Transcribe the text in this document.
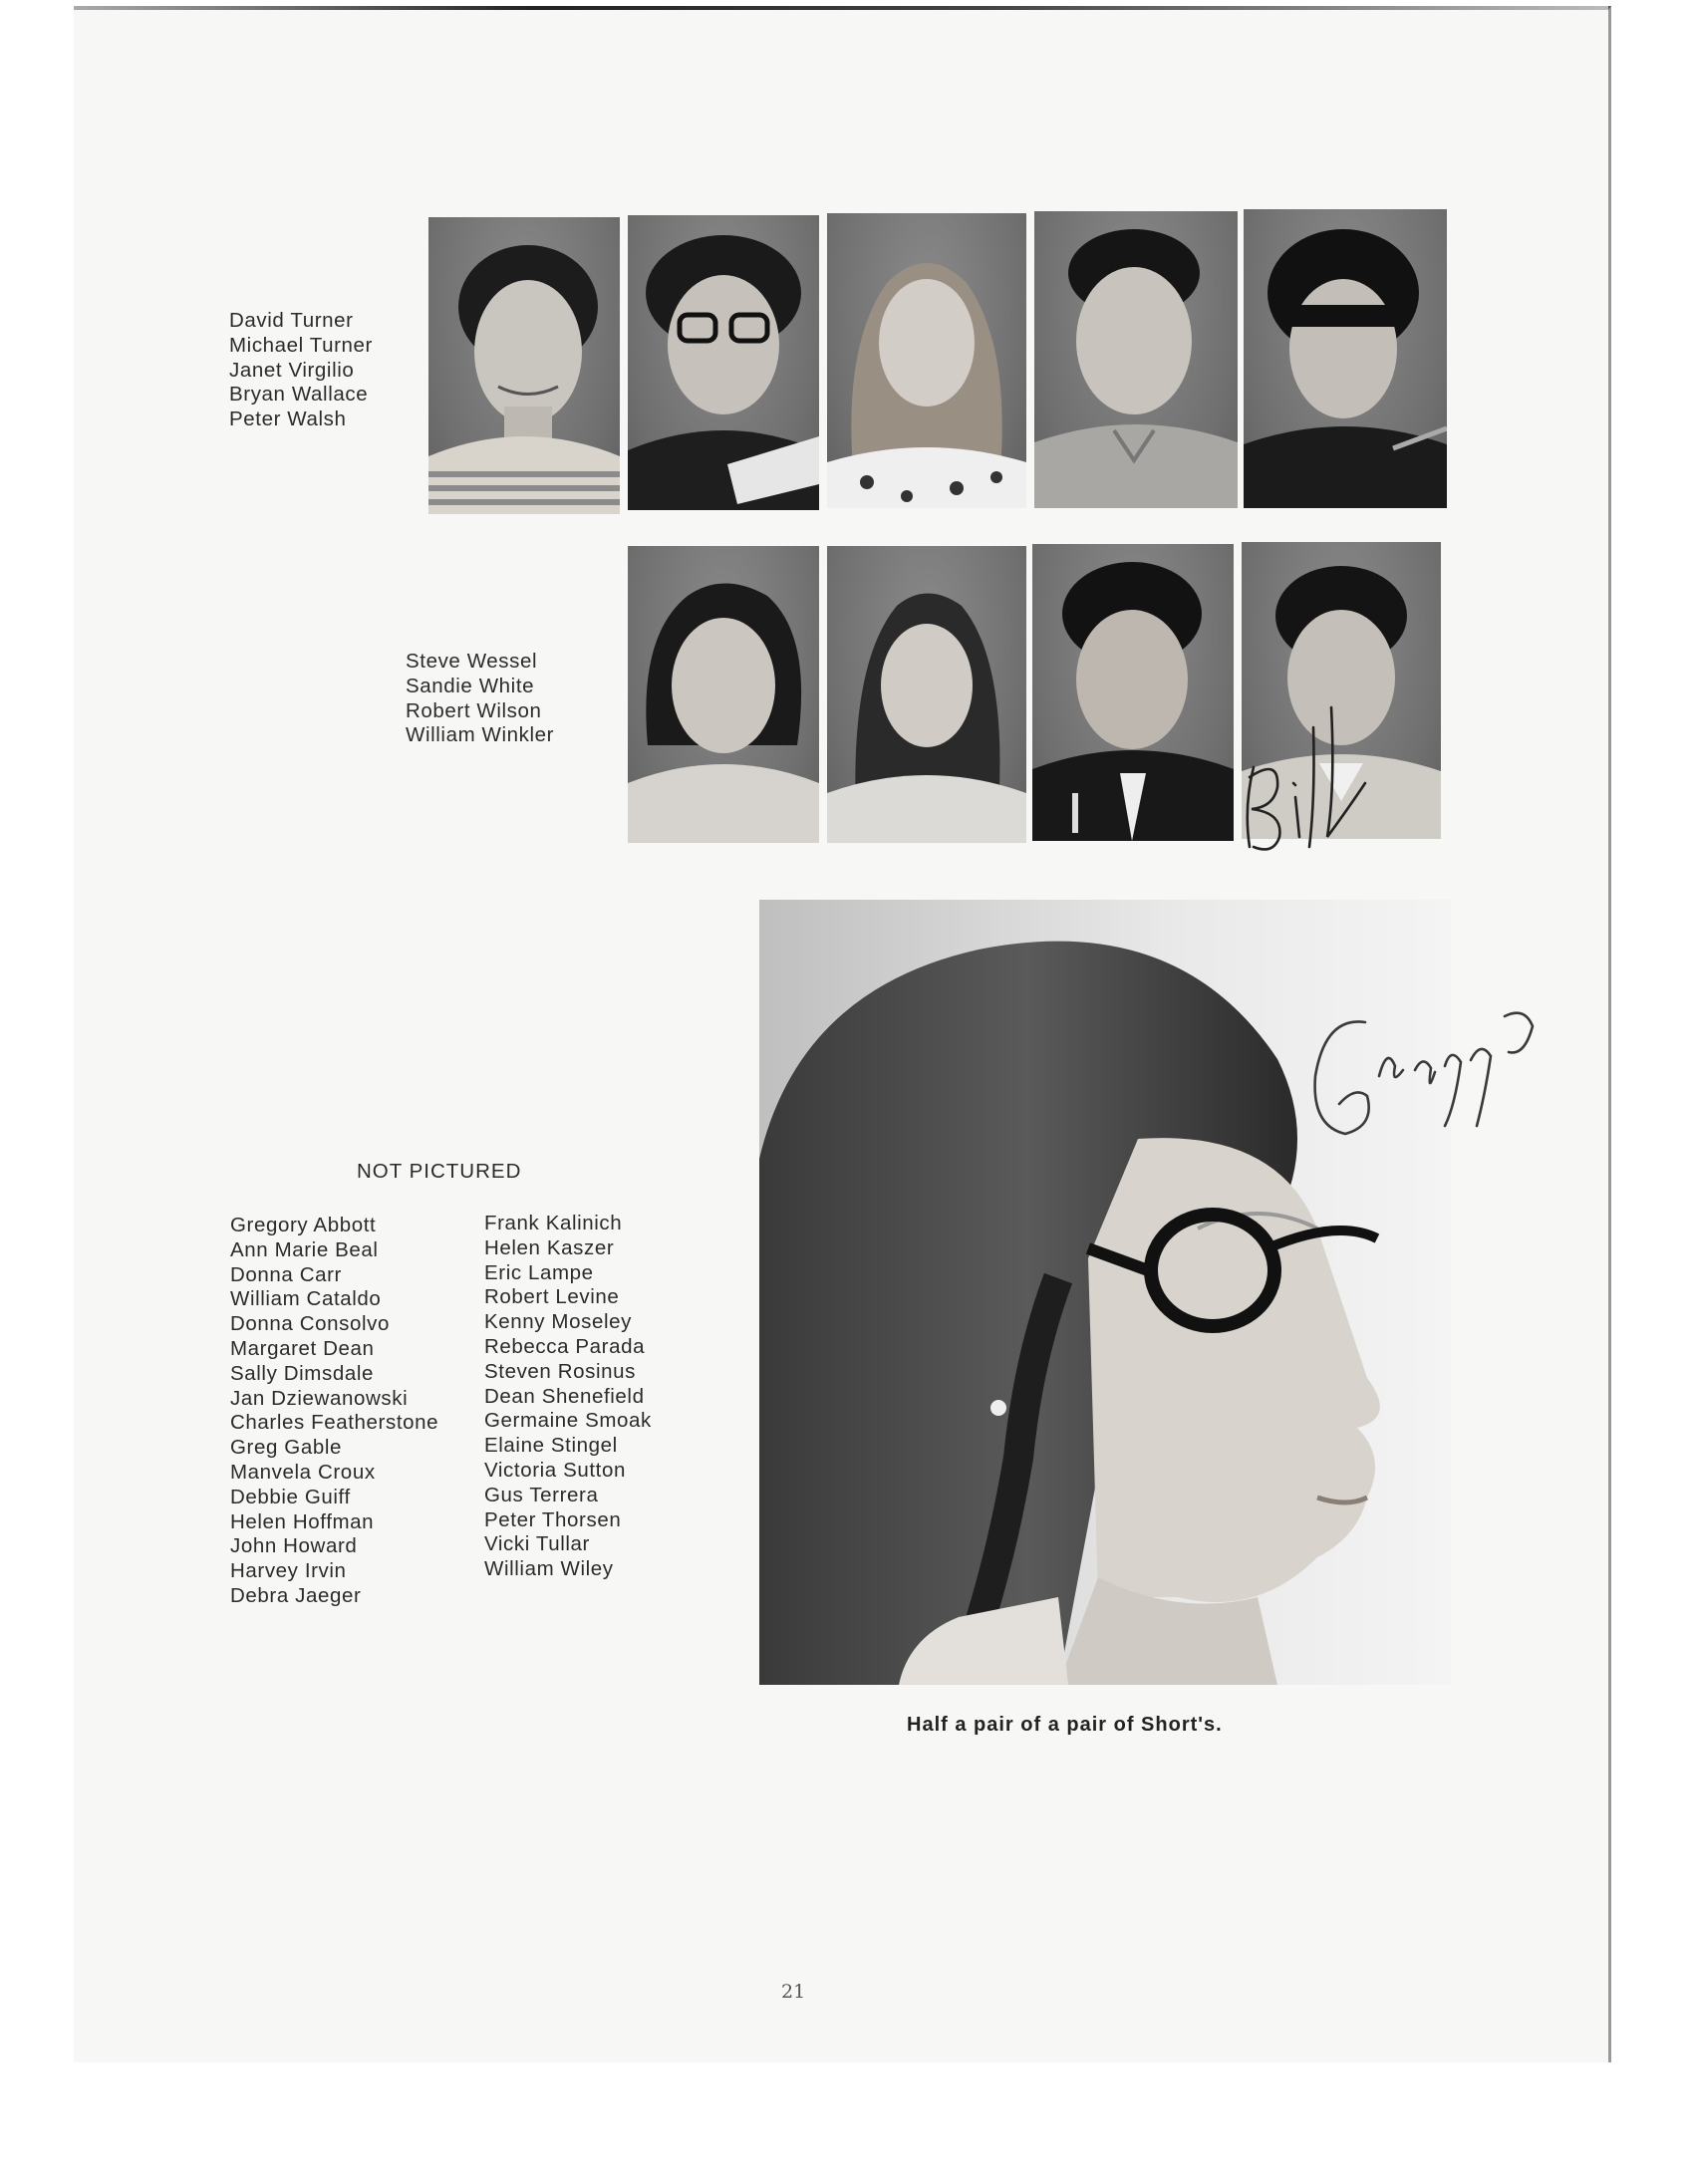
David Turner
Michael Turner
Janet Virgilio
Bryan Wallace
Peter Walsh
Steve Wessel
Sandie White
Robert Wilson
William Winkler
NOT PICTURED
Gregory Abbott
Ann Marie Beal
Donna Carr
William Cataldo
Donna Consolvo
Margaret Dean
Sally Dimsdale
Jan Dziewanowski
Charles Featherstone
Greg Gable
Manvela Croux
Debbie Guiff
Helen Hoffman
John Howard
Harvey Irvin
Debra Jaeger
Frank Kalinich
Helen Kaszer
Eric Lampe
Robert Levine
Kenny Moseley
Rebecca Parada
Steven Rosinus
Dean Shenefield
Germaine Smoak
Elaine Stingel
Victoria Sutton
Gus Terrera
Peter Thorsen
Vicki Tullar
William Wiley

Half a pair of a pair of Short's.

21
